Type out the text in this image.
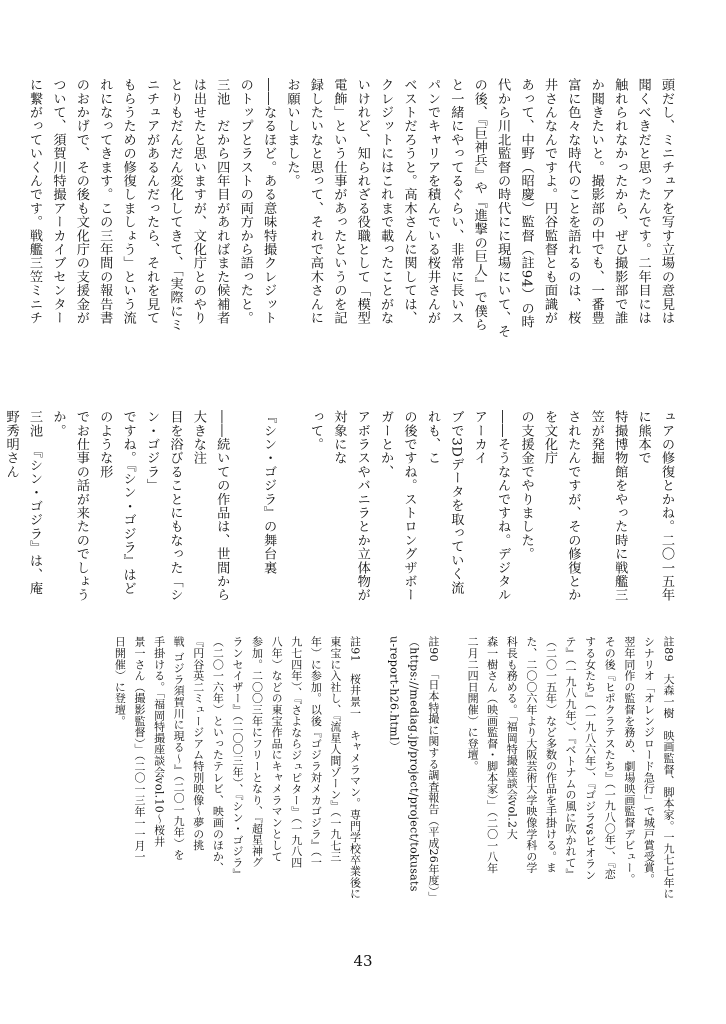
頭だし、ミニチュアを写す立場の意見は
聞くべきだと思ったんです。二年目には
触れられなかったから、ぜひ撮影部で誰
か聞きたいと。撮影部の中でも、一番豊
富に色々な時代のことを語れるのは、桜
井さんなんですよ。円谷監督とも面識が
あって、中野（昭慶）監督（註94）の時
代から川北監督の時代にに現場にいて、そ
の後、『巨神兵』や『進撃の巨人』で僕ら
と一緒にやってるぐらい、非常に長いス
パンでキャリアを積んでいる桜井さんが
ベストだろうと。高木さんに関しては、
クレジットにはこれまで載ったことがな
いけれど、知られざる役職として「模型
電飾」という仕事があったというのを記
録したいなと思って、それで高木さんに
お願いしました。
――なるほど。ある意味特撮クレジット
のトップとラストの両方から語ったと。
三池　だから四年目があればまた候補者
は出せたと思いますが、文化庁とのやり
とりもだんだん変化してきて、「実際にミ
ニチュアがあるんだったら、それを見て
もらうための修復しましょう」という流
れになってきます。この三年間の報告書
のおかげで、その後も文化庁の支援金が
ついて、須賀川特撮アーカイブセンター
に繋がっていくんです。戦艦三笠ミニチ
ュアの修復とかね。二〇一五年に熊本で
特撮博物館をやった時に戦艦三笠が発掘
されたんですが、その修復とかを文化庁
の支援金でやりました。
――そうなんですね。デジタルアーカイ
ブで3Dデータを取っていく流れも、こ
の後ですね。ストロングザボーガーとか、
アボラスやバニラとか立体物が対象にな
って。

『シン・ゴジラ』の舞台裏

――続いての作品は、世間から大きな注
目を浴びることにもなった「シン・ゴジラ」
ですね。『シン・ゴジラ』はどのような形
でお仕事の話が来たのでしょうか。
三池　『シン・ゴジラ』は、庵野秀明さん

註89　大森一樹　映画監督、脚本家。一九七七年に
シナリオ「オレンジロード急行」で城戸賞受賞。
翌年同作の監督を務め、劇場映画監督デビュー。
その後『ヒポクラテスたち』（一九八〇年）、『恋
する女たち』（一九八六年）、『ゴジラvsビオラン
テ』（一九八九年）、『ベトナムの風に吹かれて』
（二〇一五年）など多数の作品を手掛ける。ま
た、二〇〇六年より大阪芸術大学映像学科の学
科長も務める。「福岡特撮座談会vol.2大
森一樹さん（映画監督・脚本家）」（二〇一八年
二月二四日開催）に登壇。

註90　「日本特撮に関する調査報告（平成26年度）」
（https://mediag.jp/project/project/tokusats
u-report-h26.html）

註91　桜井景一　キャメラマン。専門学校卒業後に
東宝に入社し、『流星人間ゾーン』（一九七三
年）に参加。以後『ゴジラ対メカゴジラ』（一
九七四年）、『さよならジュピター』（一九八四
八年）などの東宝作品にキャメラマンとして
参加。二〇〇三年にフリーとなり、『超星神グ
ランセイザー』（二〇〇三年）、『シン・ゴジラ』
（二〇一六年）といったテレビ、映画のほか、
『円谷英二ミュージアム特別映像〜夢の挑
戦 ゴジラ須賀川に現る〜』（二〇一九年）を
手掛ける。「福岡特撮座談会vol.10〜桜井
景一さん（撮影監督）」（二〇一三年一一月一
日開催）に登壇。
43
